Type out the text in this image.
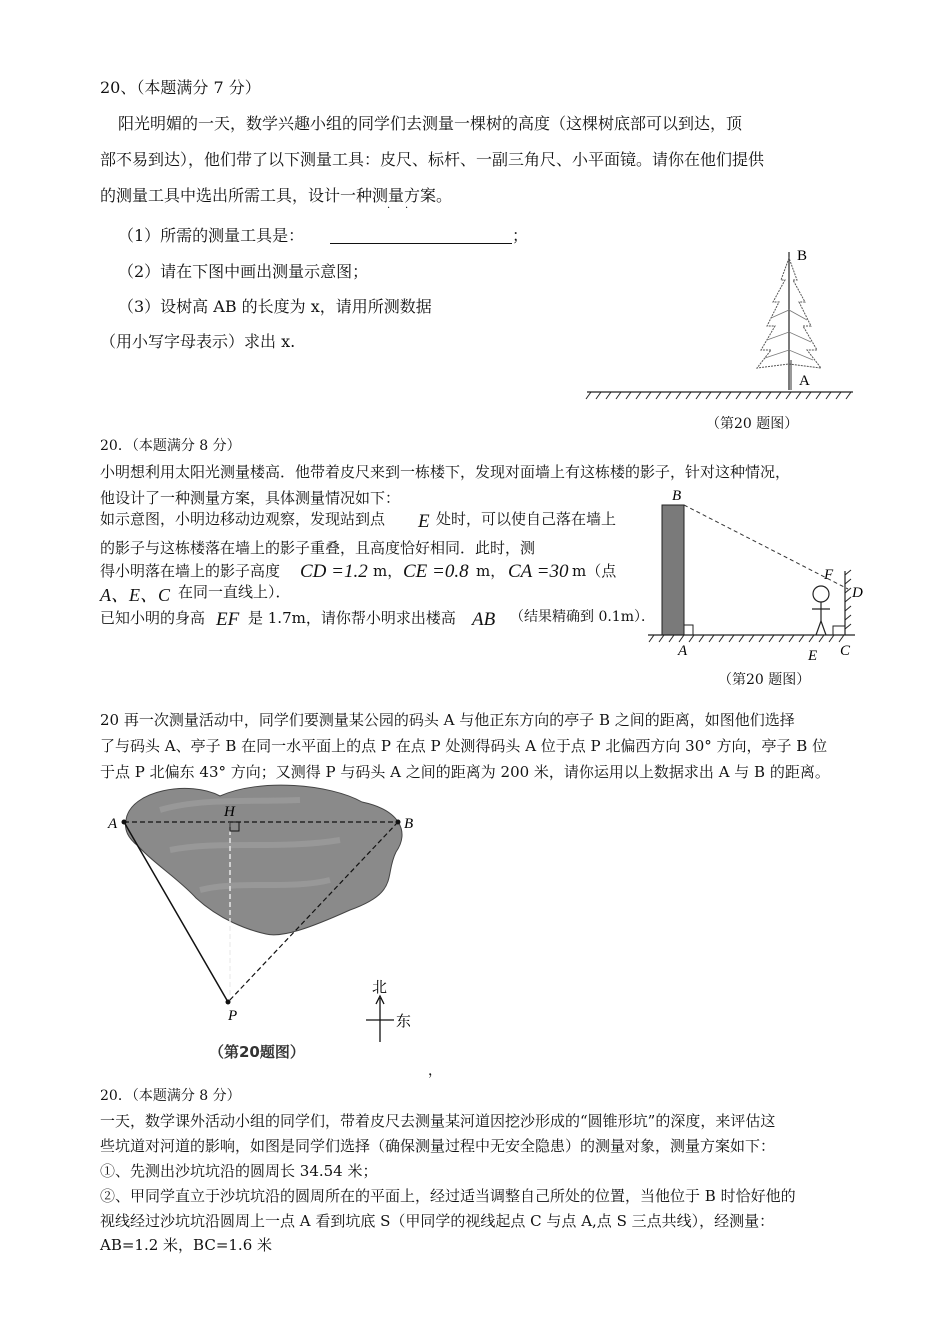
20、（本题满分 7 分）
阳光明媚的一天，数学兴趣小组的同学们去测量一棵树的高度（这棵树底部可以到达，顶
部不易到达），他们带了以下测量工具：皮尺、标杆、一副三角尺、小平面镜。请你在他们提供
的测量工具中选出所需工具，设计一种测量方案。
· ·
（1）所需的测量工具是：	；
（2）请在下图中画出测量示意图；
（3）设树高 AB 的长度为 x，请用所测数据
（用小写字母表示）求出 x.
B
A
（第20 题图）
20．（本题满分 8 分）
小明想利用太阳光测量楼高．他带着皮尺来到一栋楼下，发现对面墙上有这栋楼的影子，针对这种情况，
他设计了一种测量方案，具体测量情况如下：
如示意图，小明边移动边观察，发现站到点 E 处时，可以使自己落在墙上
的影子与这栋楼落在墙上的影子重叠，且高度恰好相同．此时，测
得小明落在墙上的影子高度 CD =1.2 m， CE =0.8 m， CA =30 m（点
A、E、C 在同一直线上）．
已知小明的身高 EF 是 1.7m，请你帮小明求出楼高 AB （结果精确到 0.1m）．
B
F
D
A	E C
（第20 题图）
20 再一次测量活动中，同学们要测量某公园的码头 A 与他正东方向的亭子 B 之间的距离，如图他们选择
了与码头 A、亭子 B 在同一水平面上的点 P 在点 P 处测得码头 A 位于点 P 北偏西方向 30° 方向，亭子 B 位
于点 P 北偏东 43° 方向；又测得 P 与码头 A 之间的距离为 200 米，请你运用以上数据求出 A 与 B 的距离。
A
H
B
P
北
东
（第20题图）
，
20．（本题满分 8 分）
一天，数学课外活动小组的同学们，带着皮尺去测量某河道因挖沙形成的“圆锥形坑”的深度，来评估这
些坑道对河道的影响，如图是同学们选择（确保测量过程中无安全隐患）的测量对象，测量方案如下：
①、先测出沙坑坑沿的圆周长 34.54 米；
②、甲同学直立于沙坑坑沿的圆周所在的平面上，经过适当调整自己所处的位置，当他位于 B 时恰好他的
视线经过沙坑坑沿圆周上一点 A 看到坑底 S（甲同学的视线起点 C 与点 A,点 S 三点共线），经测量：
AB=1.2 米，BC=1.6 米
